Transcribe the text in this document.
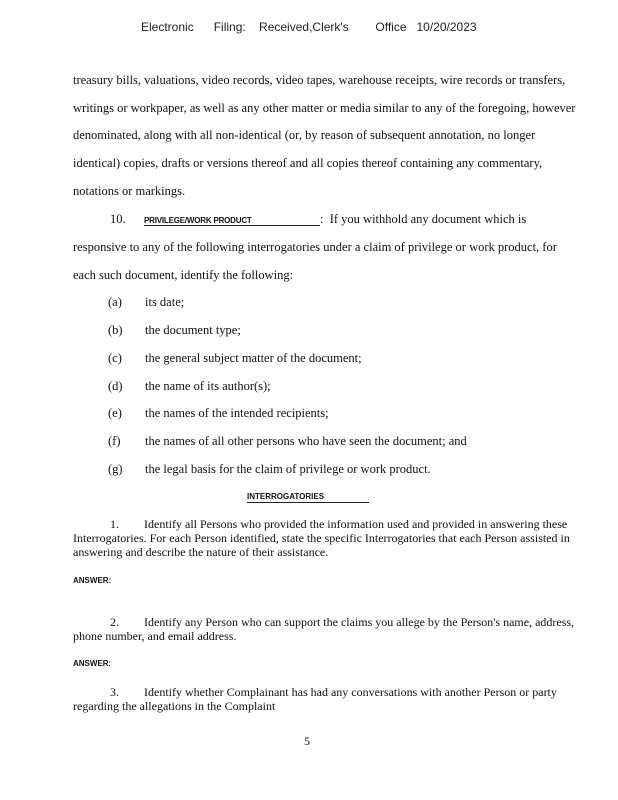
Electronic      Filing:    Received,Clerk's        Office   10/20/2023
treasury bills, valuations, video records, video tapes, warehouse receipts, wire records or transfers,
writings or workpaper, as well as any other matter or media similar to any of the foregoing, however
denominated, along with all non-identical (or, by reason of subsequent annotation, no longer
identical) copies, drafts or versions thereof and all copies thereof containing any commentary,
notations or markings.
10. PRIVILEGE/WORK PRODUCT	: If you withhold any document which is
responsive to any of the following interrogatories under a claim of privilege or work product, for
each such document, identify the following:
(a) its date;
(b) the document type;
(c) the general subject matter of the document;
(d) the name of its author(s);
(e) the names of the intended recipients;
(f) the names of all other persons who have seen the document; and
(g) the legal basis for the claim of privilege or work product.
INTERROGATORIES
1. Identify all Persons who provided the information used and provided in answering these Interrogatories. For each Person identified, state the specific Interrogatories that each Person assisted in answering and describe the nature of their assistance.
ANSWER:
2. Identify any Person who can support the claims you allege by the Person's name, address, phone number, and email address.
ANSWER:
3. Identify whether Complainant has had any conversations with another Person or party regarding the allegations in the Complaint
5
